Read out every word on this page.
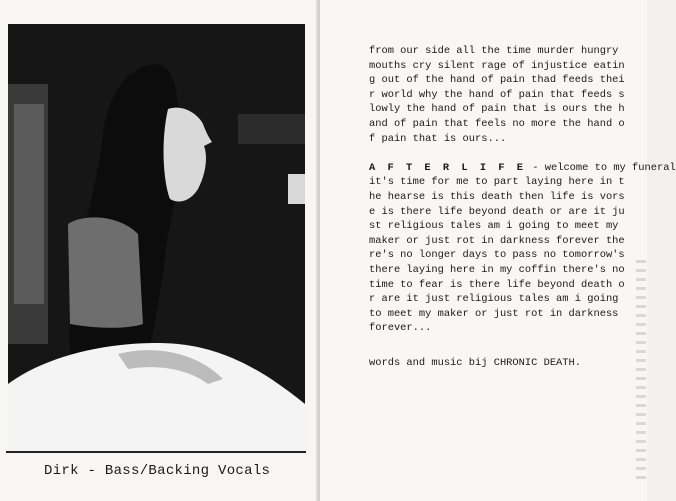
Dirk - Bass/Backing Vocals
from our side all the time murder hungry
mouths cry silent rage of injustice eatin
g out of the hand of pain thad feeds thei
r world why the hand of pain that feeds s
lowly the hand of pain that is ours the h
and of pain that feels no more the hand o
f pain that is ours...
A F T E R L I F E - welcome to my funeral
it's time for me to part laying here in t
he hearse is this death then life is vors
e is there life beyond death or are it ju
st religious tales am i going to meet my
maker or just rot in darkness forever the
re's no longer days to pass no tomorrow's
there laying here in my coffin there's no
time to fear is there life beyond death o
r are it just religious tales am i going
to meet my maker or just rot in darkness
forever...
words and music bij CHRONIC DEATH.
